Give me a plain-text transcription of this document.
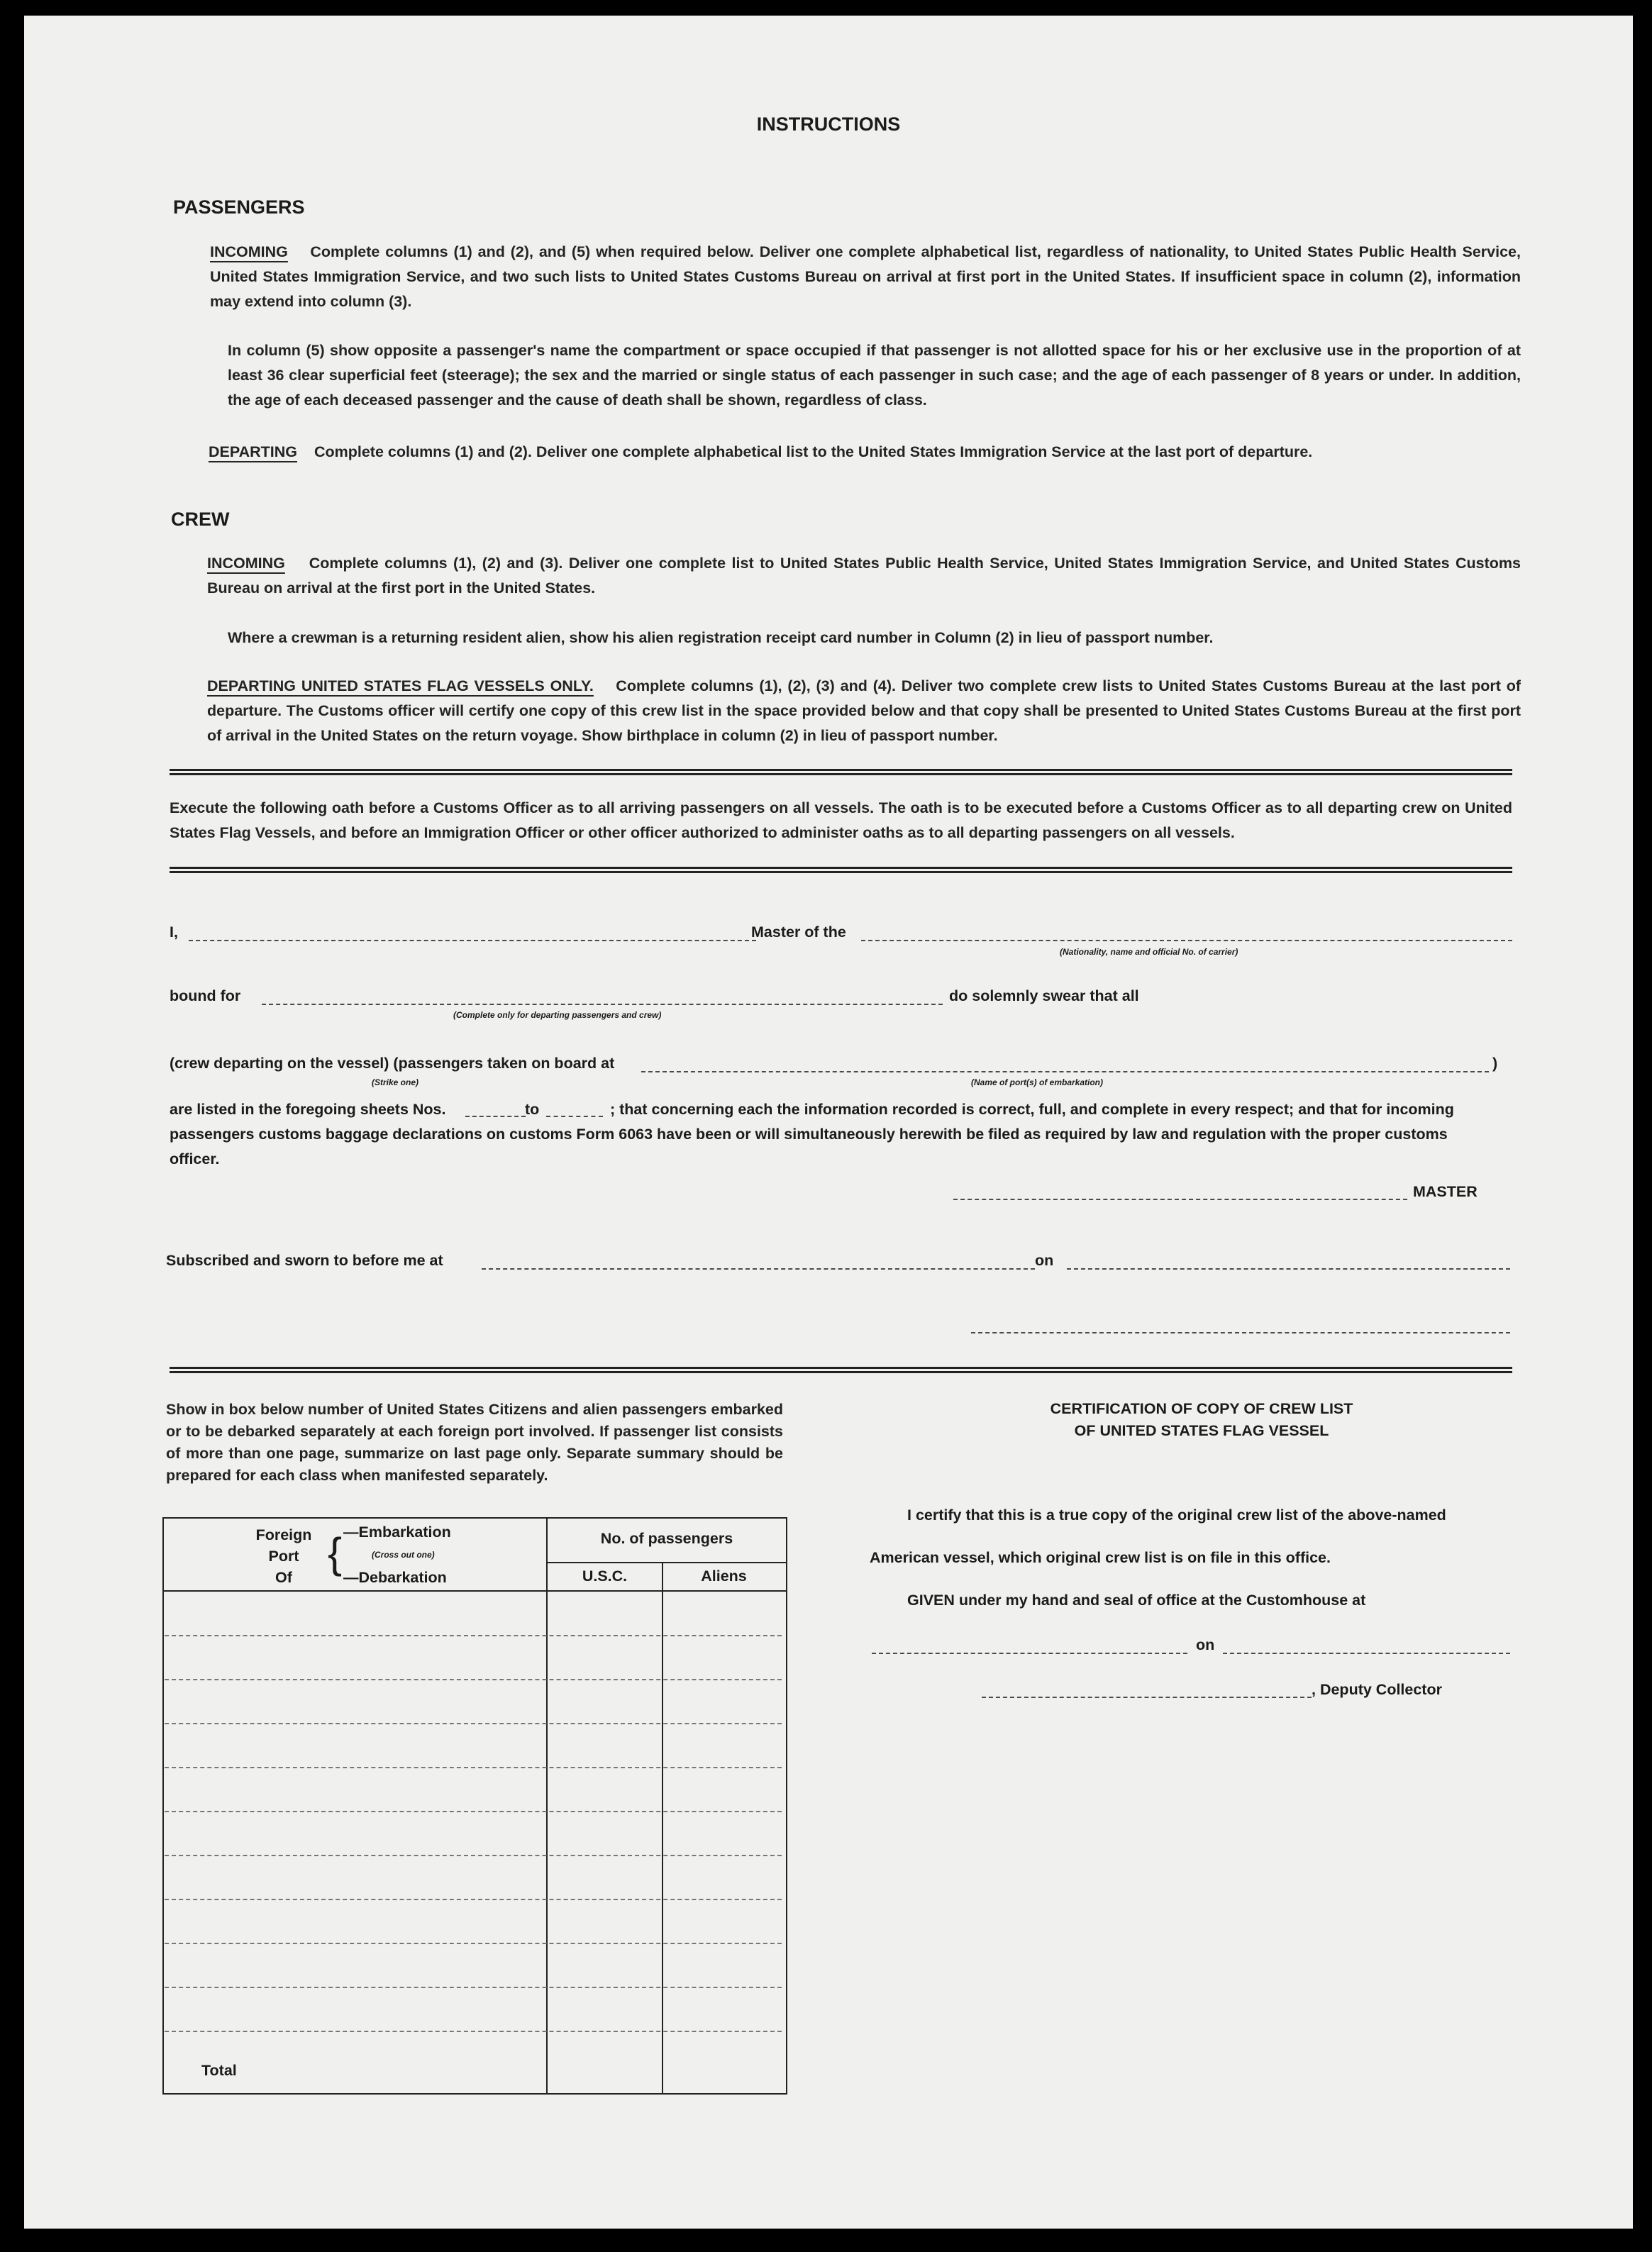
INSTRUCTIONS
PASSENGERS
INCOMING Complete columns (1) and (2), and (5) when required below. Deliver one complete alphabetical list, regardless of nationality, to United States Public Health Service, United States Immigration Service, and two such lists to United States Customs Bureau on arrival at first port in the United States. If insufficient space in column (2), information may extend into column (3).
In column (5) show opposite a passenger's name the compartment or space occupied if that passenger is not allotted space for his or her exclusive use in the proportion of at least 36 clear superficial feet (steerage); the sex and the married or single status of each passenger in such case; and the age of each passenger of 8 years or under. In addition, the age of each deceased passenger and the cause of death shall be shown, regardless of class.
DEPARTING Complete columns (1) and (2). Deliver one complete alphabetical list to the United States Immigration Service at the last port of departure.
CREW
INCOMING Complete columns (1), (2) and (3). Deliver one complete list to United States Public Health Service, United States Immigration Service, and United States Customs Bureau on arrival at the first port in the United States.
Where a crewman is a returning resident alien, show his alien registration receipt card number in Column (2) in lieu of passport number.
DEPARTING UNITED STATES FLAG VESSELS ONLY. Complete columns (1), (2), (3) and (4). Deliver two complete crew lists to United States Customs Bureau at the last port of departure. The Customs officer will certify one copy of this crew list in the space provided below and that copy shall be presented to United States Customs Bureau at the first port of arrival in the United States on the return voyage. Show birthplace in column (2) in lieu of passport number.
Execute the following oath before a Customs Officer as to all arriving passengers on all vessels. The oath is to be executed before a Customs Officer as to all departing crew on United States Flag Vessels, and before an Immigration Officer or other officer authorized to administer oaths as to all departing passengers on all vessels.
I,	Master of the
(Nationality, name and official No. of carrier)
bound for
(Complete only for departing passengers and crew)
do solemnly swear that all
(crew departing on the vessel) (passengers taken on board at
(Strike one)	(Name of port(s) of embarkation)
)
are listed in the foregoing sheets Nos.	to	; that concerning each the information recorded is correct, full, and complete in every respect; and that for incoming
passengers customs baggage declarations on customs Form 6063 have been or will simultaneously herewith be filed as required by law and regulation with the proper customs
officer.
MASTER
Subscribed and sworn to before me at	on
Show in box below number of United States Citizens and alien passengers embarked or to be debarked separately at each foreign port involved. If passenger list consists of more than one page, summarize on last page only. Separate summary should be prepared for each class when manifested separately.
Foreign
Port
Of
{ —Embarkation
(Cross out one)
—Debarkation
No. of passengers
U.S.C.	Aliens
Total
CERTIFICATION OF COPY OF CREW LIST
OF UNITED STATES FLAG VESSEL
I certify that this is a true copy of the original crew list of the above-named
American vessel, which original crew list is on file in this office.
GIVEN under my hand and seal of office at the Customhouse at
on
, Deputy Collector
